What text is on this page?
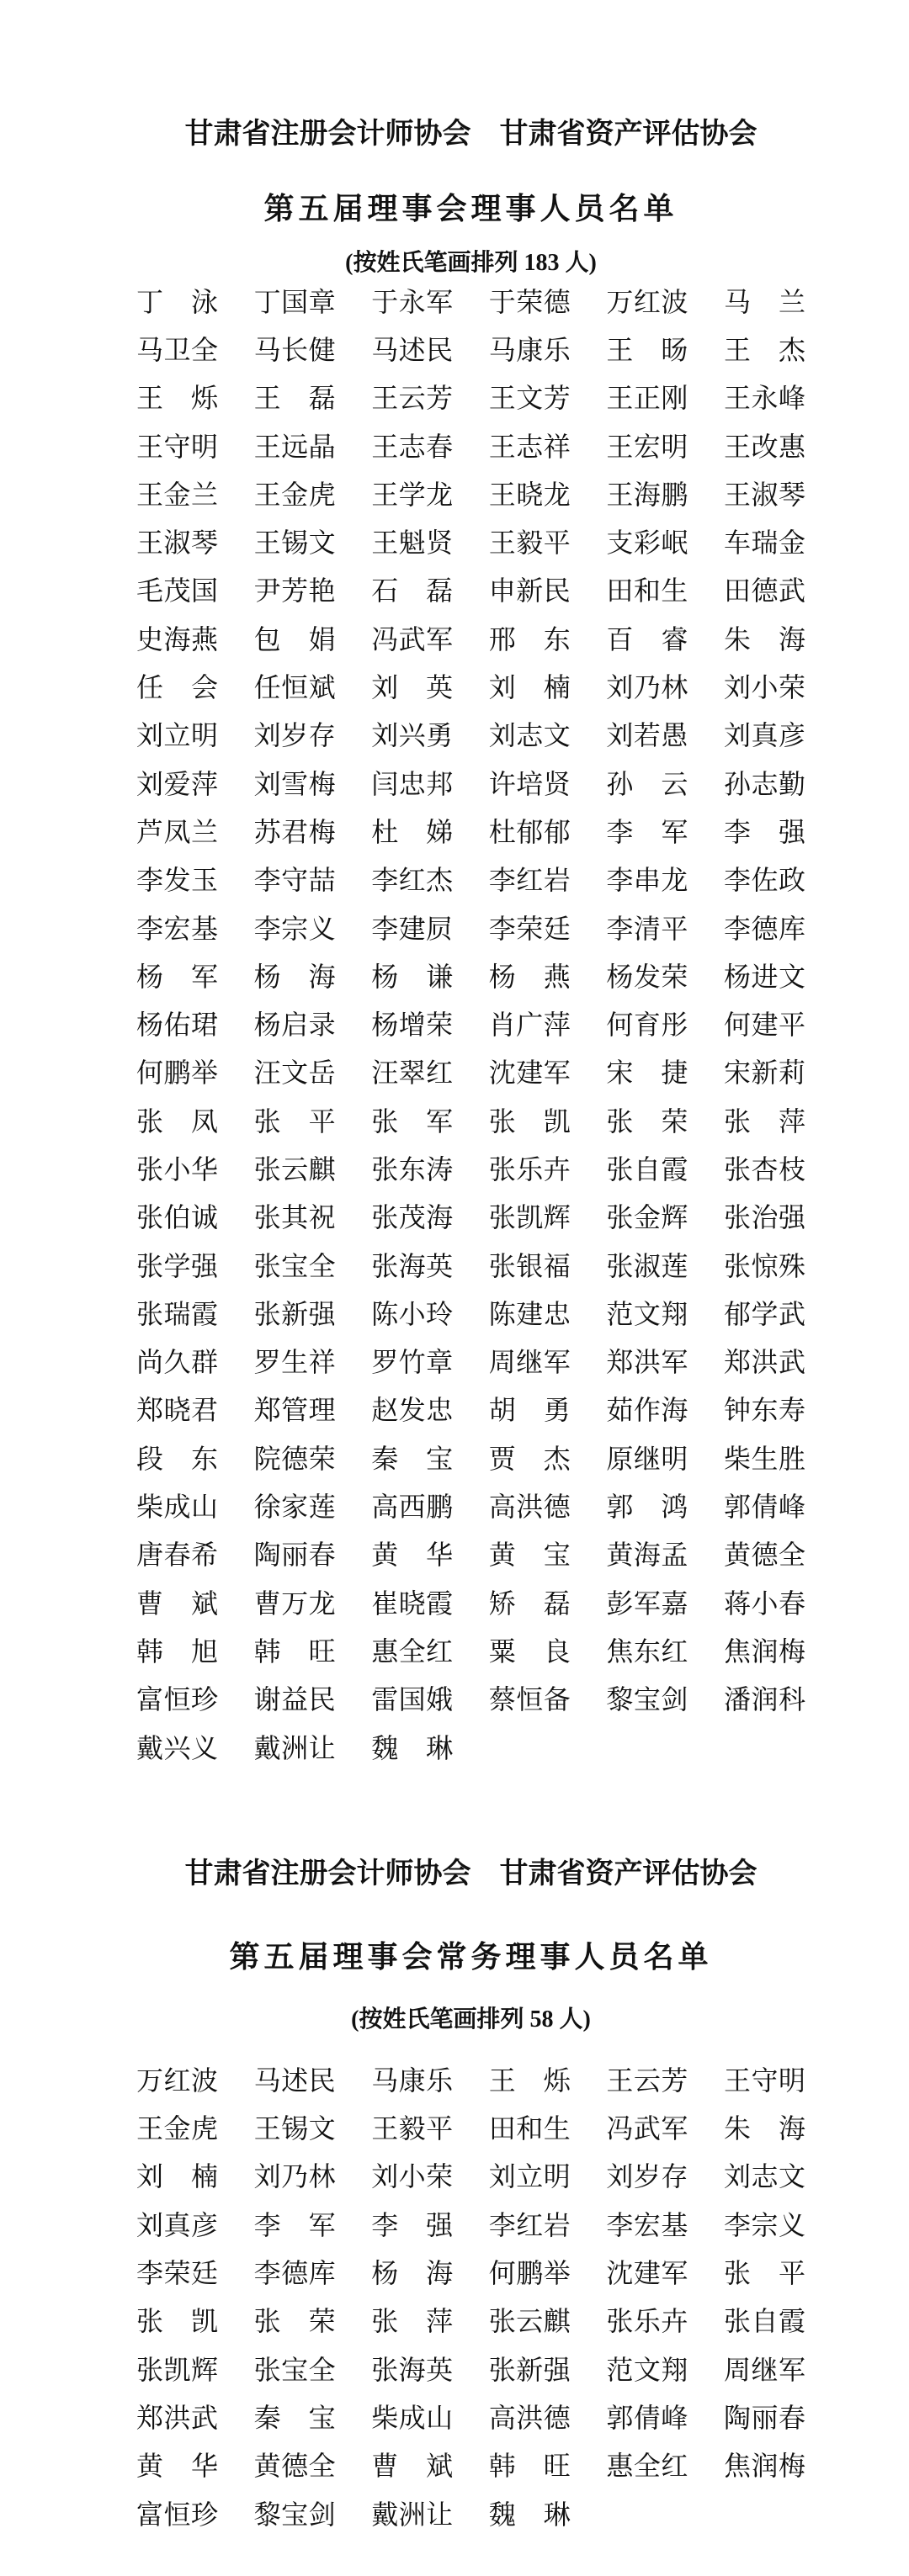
甘肃省注册会计师协会　甘肃省资产评估协会
第五届理事会理事人员名单

(按姓氏笔画排列 183 人)

丁 泳 丁 国 章 于 永 军 于 荣 德 万 红 波 马 兰
马 卫 全 马 长 健 马 述 民 马 康 乐 王 旸 王 杰
王 烁 王 磊 王 云 芳 王 文 芳 王 正 刚 王 永 峰
王 守 明 王 远 晶 王 志 春 王 志 祥 王 宏 明 王 改 惠
王 金 兰 王 金 虎 王 学 龙 王 晓 龙 王 海 鹏 王 淑 琴
王 淑 琴 王 锡 文 王 魁 贤 王 毅 平 支 彩 岷 车 瑞 金
毛 茂 国 尹 芳 艳 石 磊 申 新 民 田 和 生 田 德 武
史 海 燕 包 娟 冯 武 军 邢 东 百 睿 朱 海
任 会 任 恒 斌 刘 英 刘 楠 刘 乃 林 刘 小 荣
刘 立 明 刘 岁 存 刘 兴 勇 刘 志 文 刘 若 愚 刘 真 彦
刘 爱 萍 刘 雪 梅 闫 忠 邦 许 培 贤 孙 云 孙 志 勤
芦 凤 兰 苏 君 梅 杜 娣 杜 郁 郁 李 军 李 强
李 发 玉 李 守 喆 李 红 杰 李 红 岩 李 串 龙 李 佐 政
李 宏 基 李 宗 义 李 建 屃 李 荣 廷 李 清 平 李 德 库
杨 军 杨 海 杨 谦 杨 燕 杨 发 荣 杨 进 文
杨 佑 珺 杨 启 录 杨 增 荣 肖 广 萍 何 育 彤 何 建 平
何 鹏 举 汪 文 岳 汪 翠 红 沈 建 军 宋 捷 宋 新 莉
张 凤 张 平 张 军 张 凯 张 荣 张 萍
张 小 华 张 云 麒 张 东 涛 张 乐 卉 张 自 霞 张 杏 枝
张 伯 诚 张 其 祝 张 茂 海 张 凯 辉 张 金 辉 张 治 强
张 学 强 张 宝 全 张 海 英 张 银 福 张 淑 莲 张 惊 殊
张 瑞 霞 张 新 强 陈 小 玲 陈 建 忠 范 文 翔 郁 学 武
尚 久 群 罗 生 祥 罗 竹 章 周 继 军 郑 洪 军 郑 洪 武
郑 晓 君 郑 管 理 赵 发 忠 胡 勇 茹 作 海 钟 东 寿
段 东 院 德 荣 秦 宝 贾 杰 原 继 明 柴 生 胜
柴 成 山 徐 家 莲 高 西 鹏 高 洪 德 郭 鸿 郭 倩 峰
唐 春 希 陶 丽 春 黄 华 黄 宝 黄 海 孟 黄 德 全
曹 斌 曹 万 龙 崔 晓 霞 矫 磊 彭 军 嘉 蒋 小 春
韩 旭 韩 旺 惠 全 红 粟 良 焦 东 红 焦 润 梅
富 恒 珍 谢 益 民 雷 国 娥 蔡 恒 备 黎 宝 剑 潘 润 科
戴 兴 义 戴 洲 让 魏 琳
甘肃省注册会计师协会　甘肃省资产评估协会
第五届理事会常务理事人员名单

(按姓氏笔画排列 58 人)

万 红 波 马 述 民 马 康 乐 王 烁 王 云 芳 王 守 明
王 金 虎 王 锡 文 王 毅 平 田 和 生 冯 武 军 朱 海
刘 楠 刘 乃 林 刘 小 荣 刘 立 明 刘 岁 存 刘 志 文
刘 真 彦 李 军 李 强 李 红 岩 李 宏 基 李 宗 义
李 荣 廷 李 德 库 杨 海 何 鹏 举 沈 建 军 张 平
张 凯 张 荣 张 萍 张 云 麒 张 乐 卉 张 自 霞
张 凯 辉 张 宝 全 张 海 英 张 新 强 范 文 翔 周 继 军
郑 洪 武 秦 宝 柴 成 山 高 洪 德 郭 倩 峰 陶 丽 春
黄 华 黄 德 全 曹 斌 韩 旺 惠 全 红 焦 润 梅
富 恒 珍 黎 宝 剑 戴 洲 让 魏 琳
